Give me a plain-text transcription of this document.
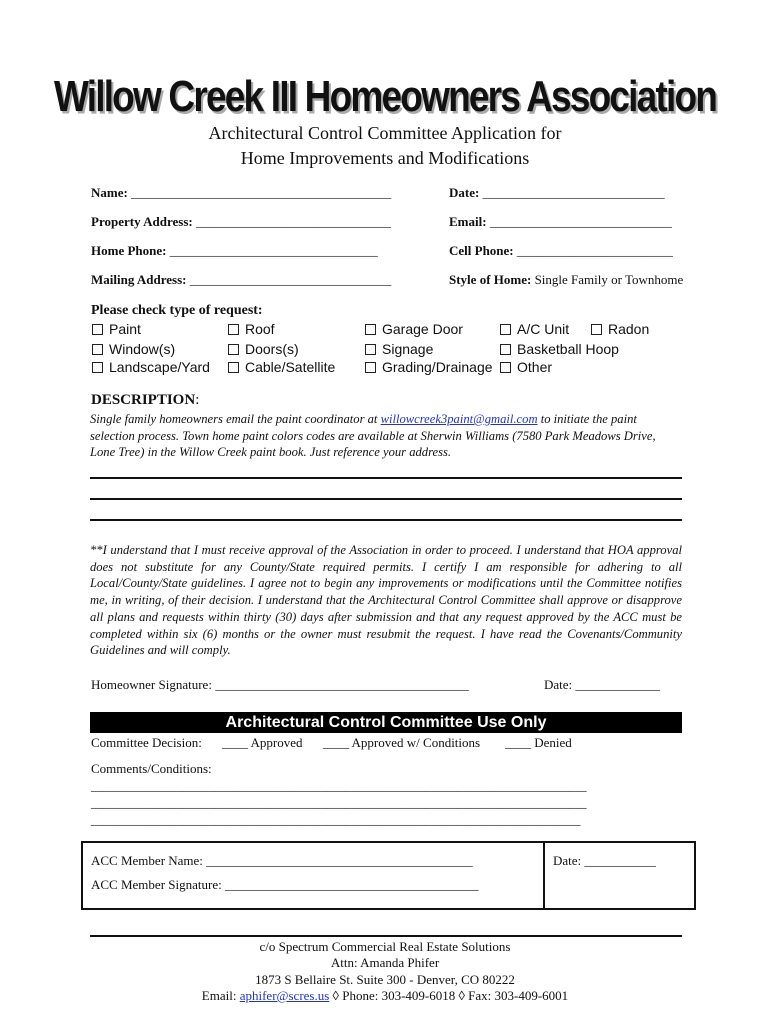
Willow Creek III Homeowners Association
Architectural Control Committee Application for
Home Improvements and Modifications
Name: ________________________________________	Date: ____________________________
Property Address: ______________________________	Email: ____________________________
Home Phone: ________________________________	Cell Phone: ________________________
Mailing Address: _______________________________	Style of Home: Single Family or Townhome
Please check type of request:
Paint	Roof	Garage Door	A/C Unit	Radon
Window(s)	Doors(s)	Signage	Basketball Hoop
Landscape/Yard	Cable/Satellite	Grading/Drainage	Other
DESCRIPTION:
Single family homeowners email the paint coordinator at willowcreek3paint@gmail.com to initiate the paint selection process. Town home paint colors codes are available at Sherwin Williams (7580 Park Meadows Drive, Lone Tree) in the Willow Creek paint book. Just reference your address.
**I understand that I must receive approval of the Association in order to proceed. I understand that HOA approval does not substitute for any County/State required permits. I certify I am responsible for adhering to all Local/County/State guidelines. I agree not to begin any improvements or modifications until the Committee notifies me, in writing, of their decision. I understand that the Architectural Control Committee shall approve or disapprove all plans and requests within thirty (30) days after submission and that any request approved by the ACC must be completed within six (6) months or the owner must resubmit the request. I have read the Covenants/Community Guidelines and will comply.
Homeowner Signature: _______________________________________	Date: _____________
Architectural Control Committee Use Only
Committee Decision: ____ Approved ____ Approved w/ Conditions ____ Denied
Comments/Conditions:
________________________________________________________________________________
________________________________________________________________________________
_______________________________________________________________________________
ACC Member Name: _________________________________________	Date: ___________
ACC Member Signature: _______________________________________
c/o Spectrum Commercial Real Estate Solutions
Attn: Amanda Phifer
1873 S Bellaire St. Suite 300 - Denver, CO 80222
Email: aphifer@scres.us ◊ Phone: 303-409-6018 ◊ Fax: 303-409-6001
